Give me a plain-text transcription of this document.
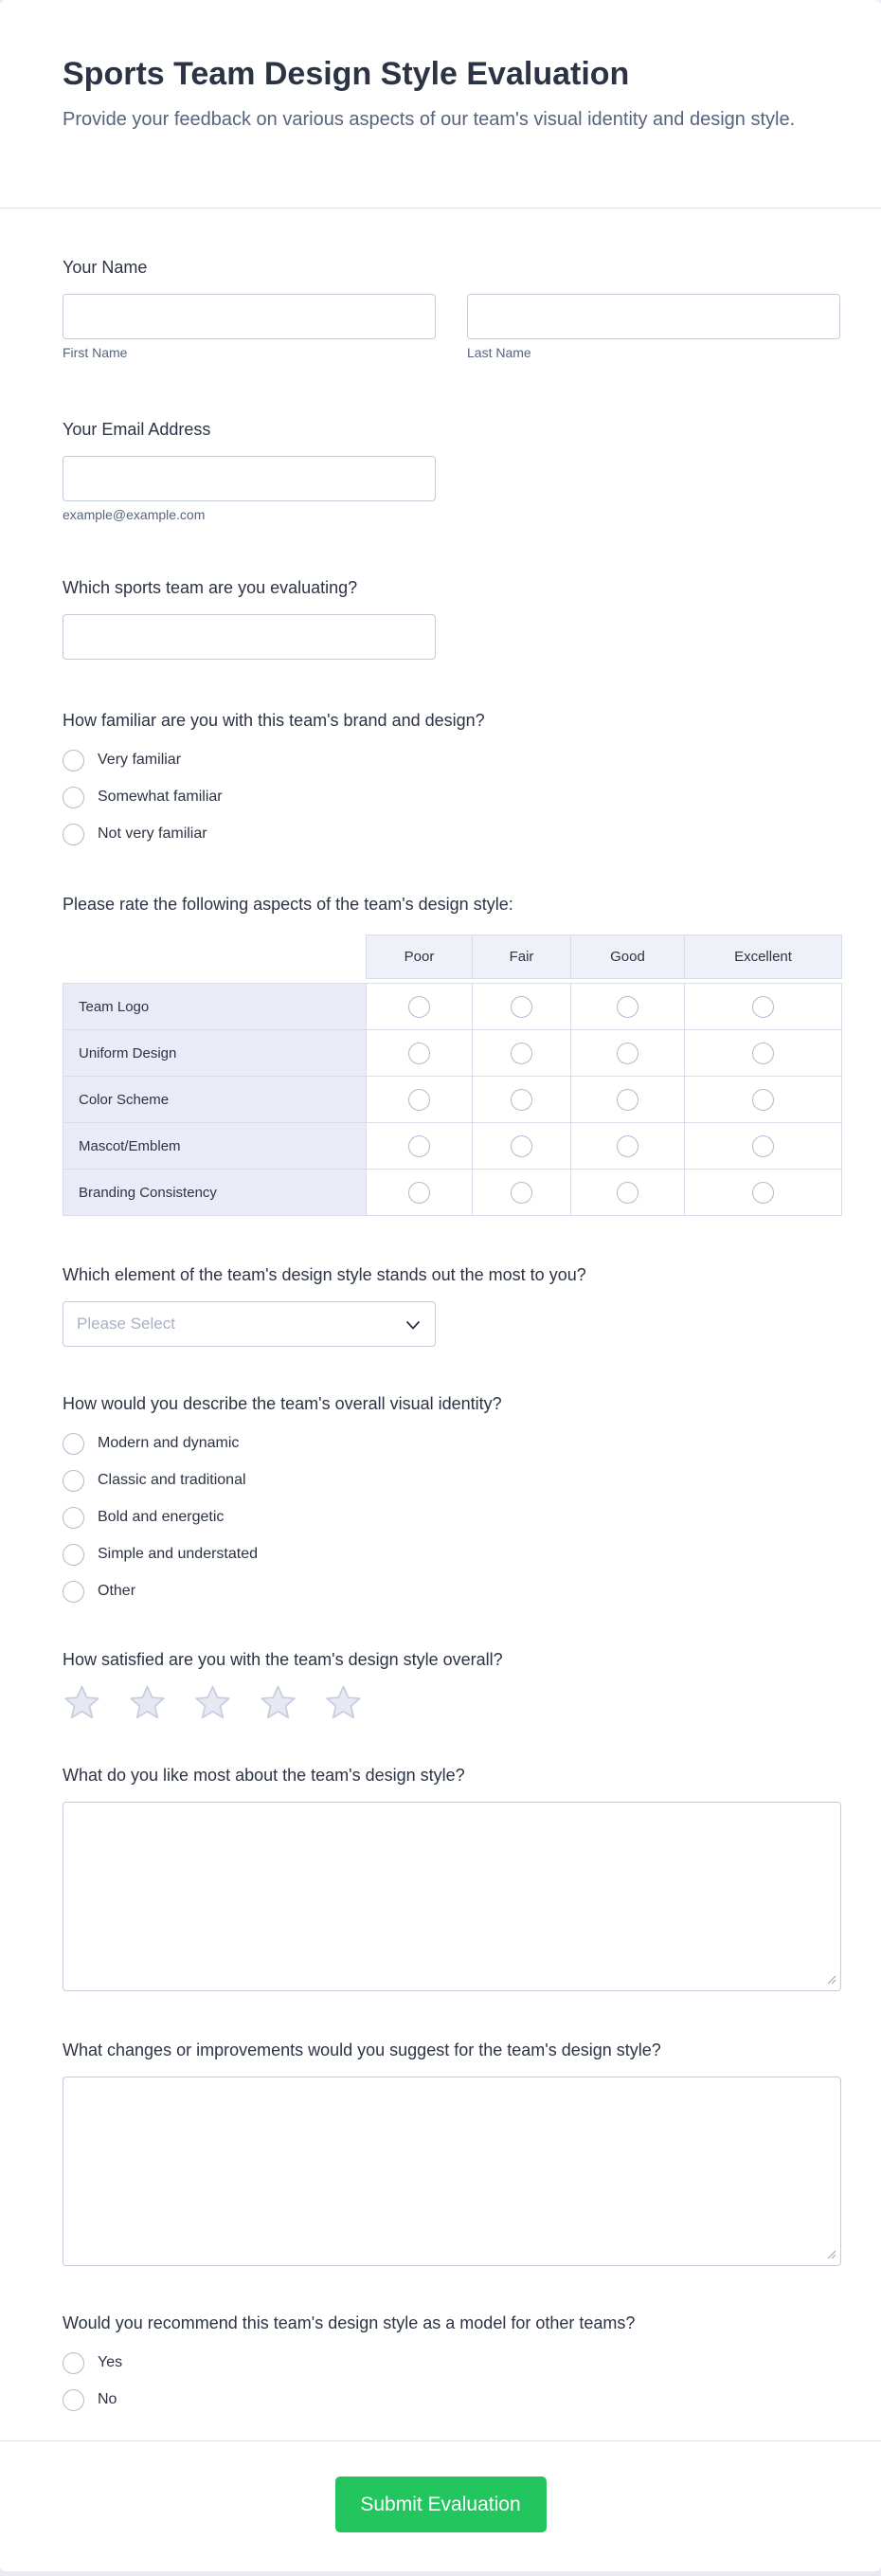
Sports Team Design Style Evaluation

Provide your feedback on various aspects of our team's visual identity and design style.

Your Name
First Name	Last Name
Your Email Address
example@example.com
Which sports team are you evaluating?
How familiar are you with this team's brand and design?
Very familiar
Somewhat familiar
Not very familiar
Please rate the following aspects of the team's design style:
	Poor	Fair	Good	Excellent

Team Logo				
Uniform Design				
Color Scheme				
Mascot/Emblem				
Branding Consistency				
Which element of the team's design style stands out the most to you?
Please Select
How would you describe the team's overall visual identity?
Modern and dynamic
Classic and traditional
Bold and energetic
Simple and understated
Other
How satisfied are you with the team's design style overall?
What do you like most about the team's design style?
What changes or improvements would you suggest for the team's design style?
Would you recommend this team's design style as a model for other teams?
Yes
No
Submit Evaluation
